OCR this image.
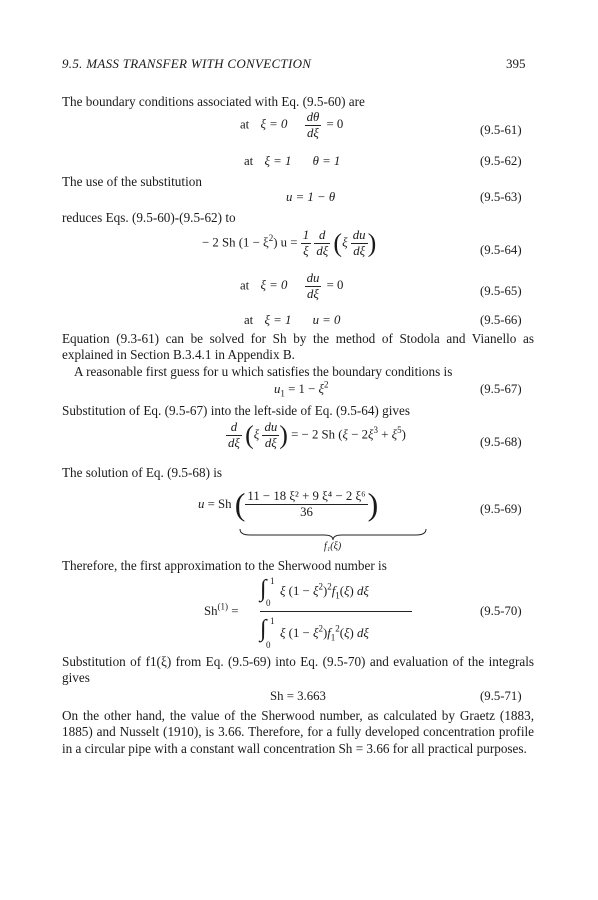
9.5. MASS TRANSFER WITH CONVECTION	395
The boundary conditions associated with Eq. (9.5-60) are
at $\xi = 0 \frac{d\theta}{d\xi} = 0$	(9.5-61)
at ξ = 1 θ = 1	(9.5-62)
The use of the substitution
u = 1 − θ	(9.5-63)
reduces Eqs. (9.5-60)-(9.5-62) to
− 2 Sh $(1 - \xi^2)$ $u = \frac{1}{\xi}$
$\frac{d}{d\xi} (\xi \frac{du}{d\xi}$ )	(9.5-64)
at $\xi = 0 \frac{du}{d\xi} = 0$	(9.5-65)
at ξ = 1 u = 0	(9.5-66)
Equation (9.3-61) can be solved for Sh by the method of Stodola and Vianello as explained in Section B.3.4.1 in Appendix B.
A reasonable first guess for u which satisfies the boundary conditions is
$u_1 = 1 - \xi^2$	(9.5-67)
Substitution of Eq. (9.5-67) into the left-side of Eq. (9.5-64) gives
$\frac{d}{d\xi} (\xi \frac{du}{d\xi}$ ) = − 2 Sh $(\xi - 2\xi^3 + \xi^5)$
(9.5-68)
The solution of Eq. (9.5-68) is
u = Sh ( $\frac{\text{11 − 18 ξ² + 9 ξ⁴ − 2 ξ⁶}}{36}$ )
f₁(ξ)
(9.5-69)
Therefore, the first approximation to the Sherwood number is
$Sh^{(1)}$ =
∫ 1
0
ξ $(1 - \xi^2)^2f_1(\xi)$ dξ
∫ 1
0
ξ $(1 - \xi^2)f_1^2(\xi)$ dξ
(9.5-70)
Substitution of f1(ξ) from Eq. (9.5-69) into Eq. (9.5-70) and evaluation of the integrals gives
Sh = 3.663	(9.5-71)
On the other hand, the value of the Sherwood number, as calculated by Graetz (1883, 1885) and Nusselt (1910), is 3.66. Therefore, for a fully developed concentration profile in a circular pipe with a constant wall concentration Sh = 3.66 for all practical purposes.
